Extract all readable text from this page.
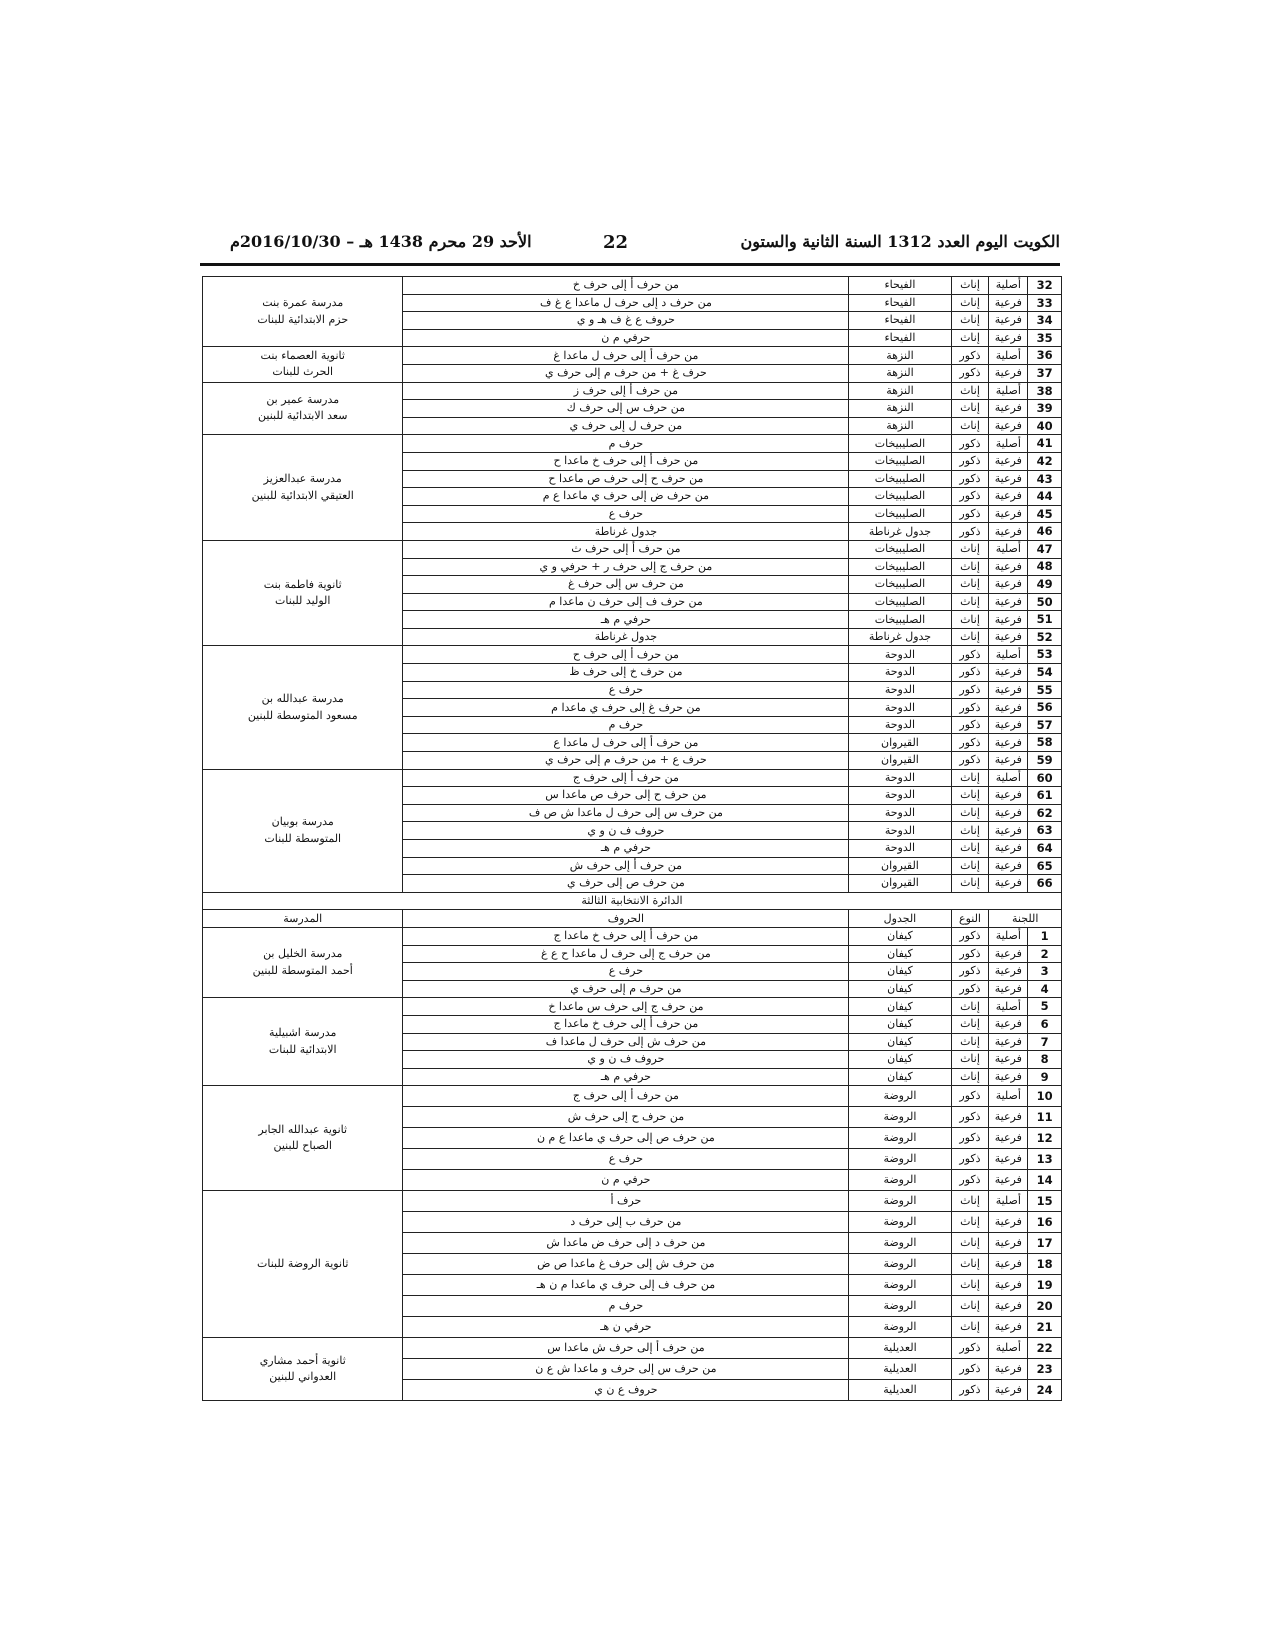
الكويت اليوم العدد 1312 السنة الثانية والستون
22
الأحد 29 محرم 1438 هـ – 2016/10/30م
32	أصلية	إناث	الفيحاء	من حرف أ إلى حرف خ	مدرسة عمرة بنت
حزم الابتدائية للبنات
33	فرعية	إناث	الفيحاء	من حرف د إلى حرف ل ماعدا ع غ ف	
34	فرعية	إناث	الفيحاء	حروف ع غ ف هـ و ي	
35	فرعية	إناث	الفيحاء	حرفي م ن	
36	أصلية	ذكور	النزهة	من حرف أ إلى حرف ل ماعدا غ	ثانوية العصماء بنت
الحرث للبنات
37	فرعية	ذكور	النزهة	حرف غ + من حرف م إلى حرف ي	
38	أصلية	إناث	النزهة	من حرف أ إلى حرف ز	مدرسة عمير بن
سعد الابتدائية للبنين
39	فرعية	إناث	النزهة	من حرف س إلى حرف ك	
40	فرعية	إناث	النزهة	من حرف ل إلى حرف ي	
41	أصلية	ذكور	الصليبيخات	حرف م	مدرسة عبدالعزيز
العتيقي الابتدائية للبنين
42	فرعية	ذكور	الصليبيخات	من حرف أ إلى حرف خ ماعدا ح	
43	فرعية	ذكور	الصليبيخات	من حرف ح إلى حرف ص ماعدا ح	
44	فرعية	ذكور	الصليبيخات	من حرف ض إلى حرف ي ماعدا ع م	
45	فرعية	ذكور	الصليبيخات	حرف ع	
46	فرعية	ذكور	جدول غرناطة	جدول غرناطة	
47	أصلية	إناث	الصليبيخات	من حرف أ إلى حرف ث	ثانوية فاطمة بنت
الوليد للبنات
48	فرعية	إناث	الصليبيخات	من حرف ج إلى حرف ر + حرفي و ي	
49	فرعية	إناث	الصليبيخات	من حرف س إلى حرف غ	
50	فرعية	إناث	الصليبيخات	من حرف ف إلى حرف ن ماعدا م	
51	فرعية	إناث	الصليبيخات	حرفي م هـ	
52	فرعية	إناث	جدول غرناطة	جدول غرناطة	
53	أصلية	ذكور	الدوحة	من حرف أ إلى حرف ح	مدرسة عبدالله بن
مسعود المتوسطة للبنين
54	فرعية	ذكور	الدوحة	من حرف خ إلى حرف ظ	
55	فرعية	ذكور	الدوحة	حرف ع	
56	فرعية	ذكور	الدوحة	من حرف غ إلى حرف ي ماعدا م	
57	فرعية	ذكور	الدوحة	حرف م	
58	فرعية	ذكور	القيروان	من حرف أ إلى حرف ل ماعدا ع	
59	فرعية	ذكور	القيروان	حرف ع + من حرف م إلى حرف ي	
60	أصلية	إناث	الدوحة	من حرف أ إلى حرف ج	مدرسة بوبيان
المتوسطة للبنات
61	فرعية	إناث	الدوحة	من حرف ح إلى حرف ص ماعدا س	
62	فرعية	إناث	الدوحة	من حرف س إلى حرف ل ماعدا ش ص ف	
63	فرعية	إناث	الدوحة	حروف ف ن و ي	
64	فرعية	إناث	الدوحة	حرفي م هـ	
65	فرعية	إناث	القيروان	من حرف أ إلى حرف ش	
66	فرعية	إناث	القيروان	من حرف ص إلى حرف ي	
الدائرة الانتخابية الثالثة					
اللجنة		النوع	الجدول	الحروف	المدرسة
1	أصلية	ذكور	كيفان	من حرف أ إلى حرف خ ماعدا ج	مدرسة الخليل بن
أحمد المتوسطة للبنين
2	فرعية	ذكور	كيفان	من حرف ج إلى حرف ل ماعدا ح ع غ	
3	فرعية	ذكور	كيفان	حرف ع	
4	فرعية	ذكور	كيفان	من حرف م إلى حرف ي	
5	أصلية	إناث	كيفان	من حرف ج إلى حرف س ماعدا خ	مدرسة اشبيلية
الابتدائية للبنات
6	فرعية	إناث	كيفان	من حرف أ إلى حرف خ ماعدا ج	
7	فرعية	إناث	كيفان	من حرف ش إلى حرف ل ماعدا ف	
8	فرعية	إناث	كيفان	حروف ف ن و ي	
9	فرعية	إناث	كيفان	حرفي م هـ	
10	أصلية	ذكور	الروضة	من حرف أ إلى حرف ج	ثانوية عبدالله الجابر
الصباح للبنين
11	فرعية	ذكور	الروضة	من حرف ح إلى حرف ش	
12	فرعية	ذكور	الروضة	من حرف ص إلى حرف ي ماعدا ع م ن	
13	فرعية	ذكور	الروضة	حرف ع	
14	فرعية	ذكور	الروضة	حرفي م ن	
15	أصلية	إناث	الروضة	حرف أ	ثانوية الروضة للبنات
16	فرعية	إناث	الروضة	من حرف ب إلى حرف د	
17	فرعية	إناث	الروضة	من حرف د إلى حرف ض ماعدا ش	
18	فرعية	إناث	الروضة	من حرف ش إلى حرف غ ماعدا ص ض	
19	فرعية	إناث	الروضة	من حرف ف إلى حرف ي ماعدا م ن هـ	
20	فرعية	إناث	الروضة	حرف م	
21	فرعية	إناث	الروضة	حرفي ن هـ	
22	أصلية	ذكور	العديلية	من حرف أ إلى حرف ش ماعدا س	ثانوية أحمد مشاري
العدواني للبنين
23	فرعية	ذكور	العديلية	من حرف س إلى حرف و ماعدا ش ع ن	
24	فرعية	ذكور	العديلية	حروف ع ن ي	
